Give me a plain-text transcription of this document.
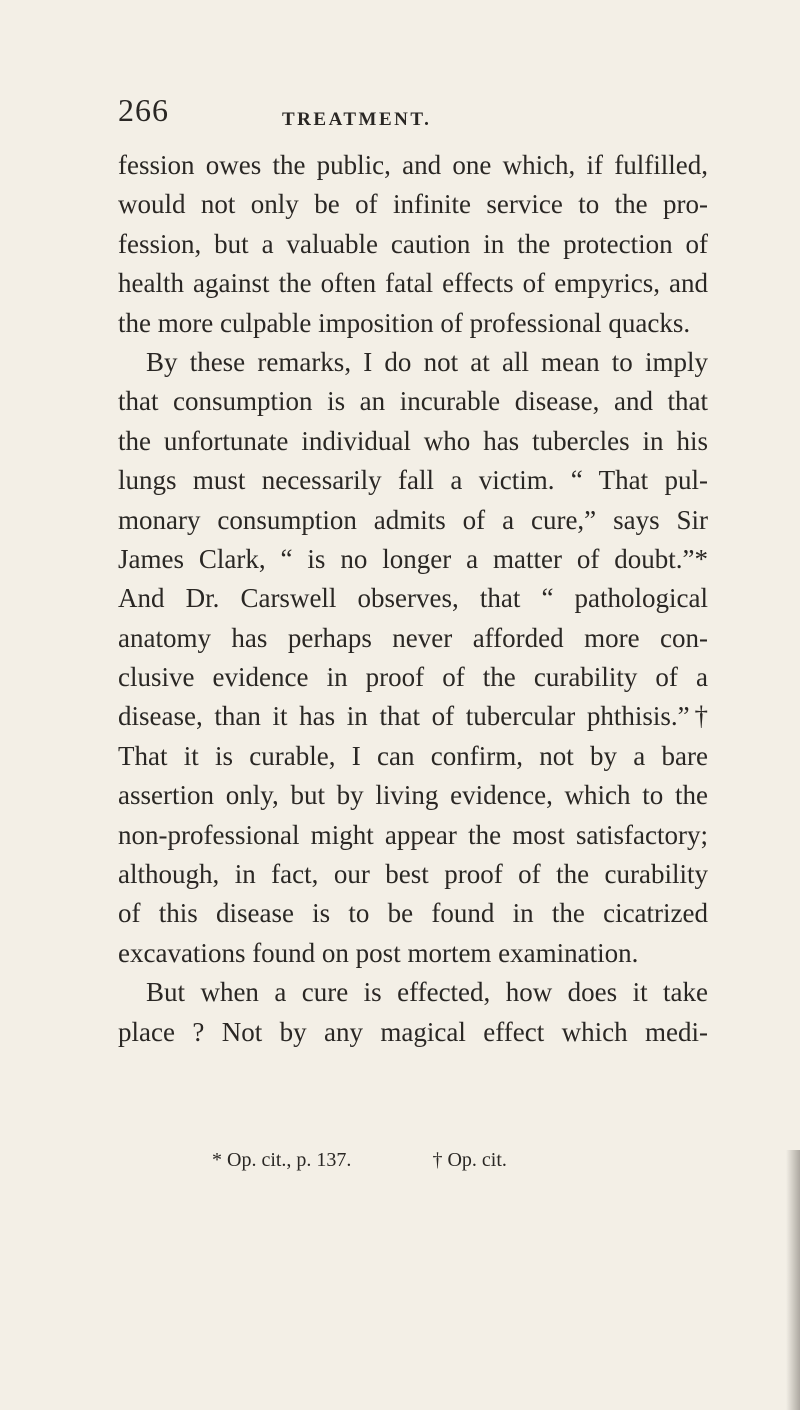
266	TREATMENT.
fession owes the public, and one which, if fulfilled,
would not only be of infinite service to the pro-
fession, but a valuable caution in the protection of
health against the often fatal effects of empyrics, and
the more culpable imposition of professional quacks.
By these remarks, I do not at all mean to imply
that consumption is an incurable disease, and that
the unfortunate individual who has tubercles in his
lungs must necessarily fall a victim. “ That pul-
monary consumption admits of a cure,” says Sir
James Clark, “ is no longer a matter of doubt.”*
And Dr. Carswell observes, that “ pathological
anatomy has perhaps never afforded more con-
clusive evidence in proof of the curability of a
disease, than it has in that of tubercular phthisis.”†
That it is curable, I can confirm, not by a bare
assertion only, but by living evidence, which to the
non-professional might appear the most satisfactory;
although, in fact, our best proof of the curability
of this disease is to be found in the cicatrized
excavations found on post mortem examination.
But when a cure is effected, how does it take
place ? Not by any magical effect which medi-
* Op. cit., p. 137.	† Op. cit.
